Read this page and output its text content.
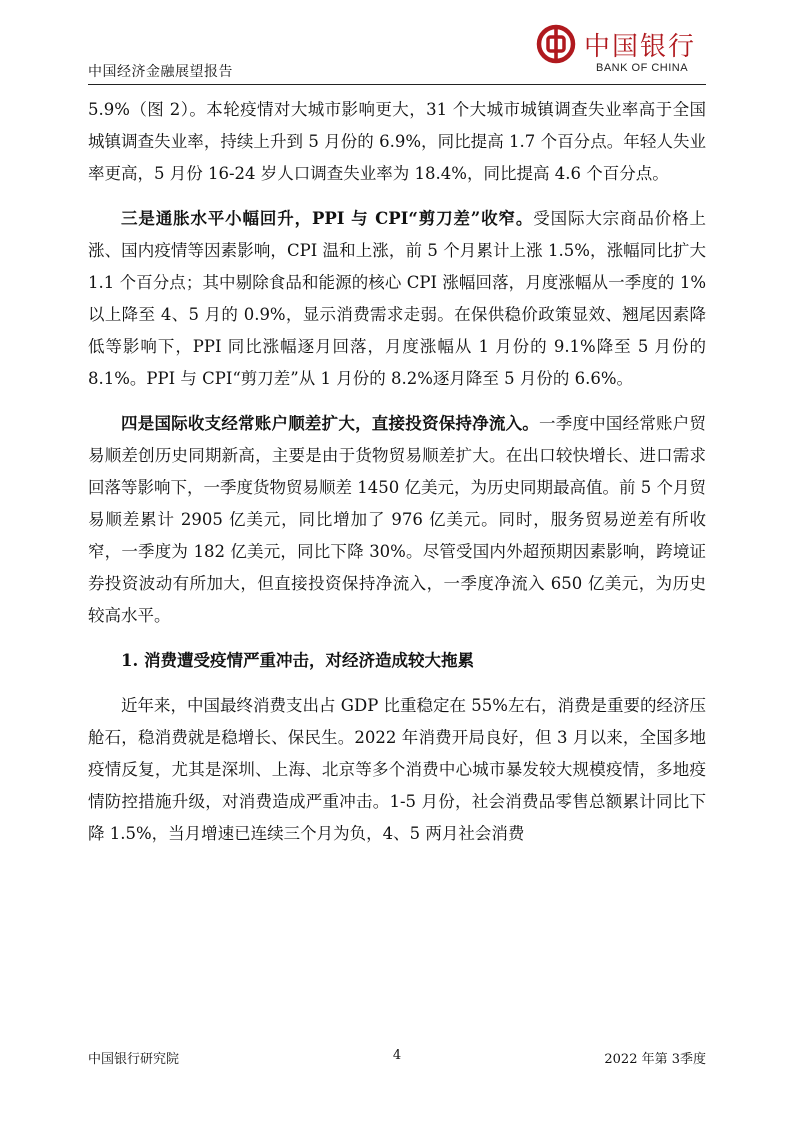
中国经济金融展望报告
中国银行
BANK OF CHINA

5.9%（图 2）。本轮疫情对大城市影响更大，31 个大城市城镇调查失业率高于全国城镇调查失业率，持续上升到 5 月份的 6.9%，同比提高 1.7 个百分点。年轻人失业率更高，5 月份 16-24 岁人口调查失业率为 18.4%，同比提高 4.6 个百分点。

三是通胀水平小幅回升，PPI 与 CPI“剪刀差”收窄。受国际大宗商品价格上涨、国内疫情等因素影响，CPI 温和上涨，前 5 个月累计上涨 1.5%，涨幅同比扩大 1.1 个百分点；其中剔除食品和能源的核心 CPI 涨幅回落，月度涨幅从一季度的 1%以上降至 4、5 月的 0.9%，显示消费需求走弱。在保供稳价政策显效、翘尾因素降低等影响下，PPI 同比涨幅逐月回落，月度涨幅从 1 月份的 9.1%降至 5 月份的 8.1%。PPI 与 CPI“剪刀差”从 1 月份的 8.2%逐月降至 5 月份的 6.6%。

四是国际收支经常账户顺差扩大，直接投资保持净流入。一季度中国经常账户贸易顺差创历史同期新高，主要是由于货物贸易顺差扩大。在出口较快增长、进口需求回落等影响下，一季度货物贸易顺差 1450 亿美元，为历史同期最高值。前 5 个月贸易顺差累计 2905 亿美元，同比增加了 976 亿美元。同时，服务贸易逆差有所收窄，一季度为 182 亿美元，同比下降 30%。尽管受国内外超预期因素影响，跨境证券投资波动有所加大，但直接投资保持净流入，一季度净流入 650 亿美元，为历史较高水平。

1. 消费遭受疫情严重冲击，对经济造成较大拖累

近年来，中国最终消费支出占 GDP 比重稳定在 55%左右，消费是重要的经济压舱石，稳消费就是稳增长、保民生。2022 年消费开局良好，但 3 月以来，全国多地疫情反复，尤其是深圳、上海、北京等多个消费中心城市暴发较大规模疫情，多地疫情防控措施升级，对消费造成严重冲击。1-5 月份，社会消费品零售总额累计同比下降 1.5%，当月增速已连续三个月为负，4、5 两月社会消费

中国银行研究院	4	2022 年第 3季度
